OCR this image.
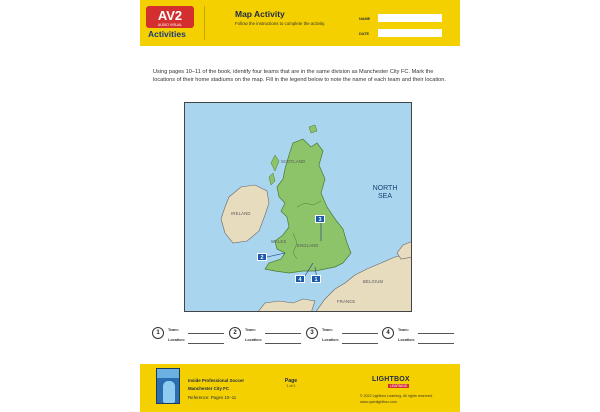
AV2
AUDIO VISUAL
Activities
Map Activity
Follow the instructions to complete the activity.
NAME
DATE
Using pages 10–11 of the book, identify four teams that are in the same division as Manchester City FC. Mark the locations of their home stadiums on the map. Fill in the legend below to note the name of each team and their location.
SCOTLAND
IRELAND
WALES
ENGLAND
BELGIUM
FRANCE
NORTH
SEA
1
2
3
4
1	Team:
Location:
2	Team:
Location:
3	Team:
Location:
4	Team:
Location:
Inside Professional Soccer
Manchester City FC
Reference: Pages 10–11
Page
1 of 1
LIGHTBOX
LEARNING
© 2022 Lightbox Learning. All rights reserved.
www.openlightbox.com
